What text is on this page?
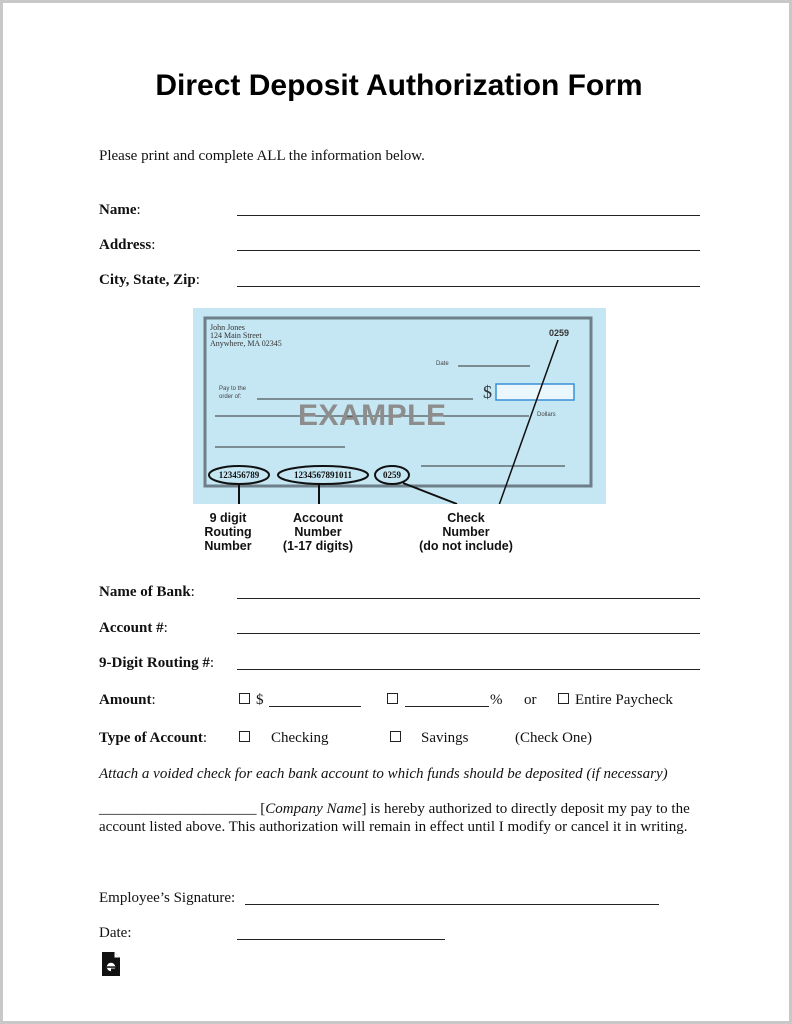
Direct Deposit Authorization Form
Please print and complete ALL the information below.
Name:
Address:
City, State, Zip:
John Jones
124 Main Street
Anywhere, MA 02345
0259
Date
Pay to the
order of:	$
Dollars
EXAMPLE
123456789	1234567891011	0259
9 digit
Routing
Number
Account
Number
(1-17 digits)
Check
Number
(do not include)
Name of Bank:
Account #:
9-Digit Routing #:
Amount:	$	% or	Entire Paycheck
Type of Account:	Checking	Savings	(Check One)
Attach a voided check for each bank account to which funds should be deposited (if necessary)
_____________________ [Company Name] is hereby authorized to directly deposit my pay to the account listed above. This authorization will remain in effect until I modify or cancel it in writing.
Employee’s Signature:
Date:
